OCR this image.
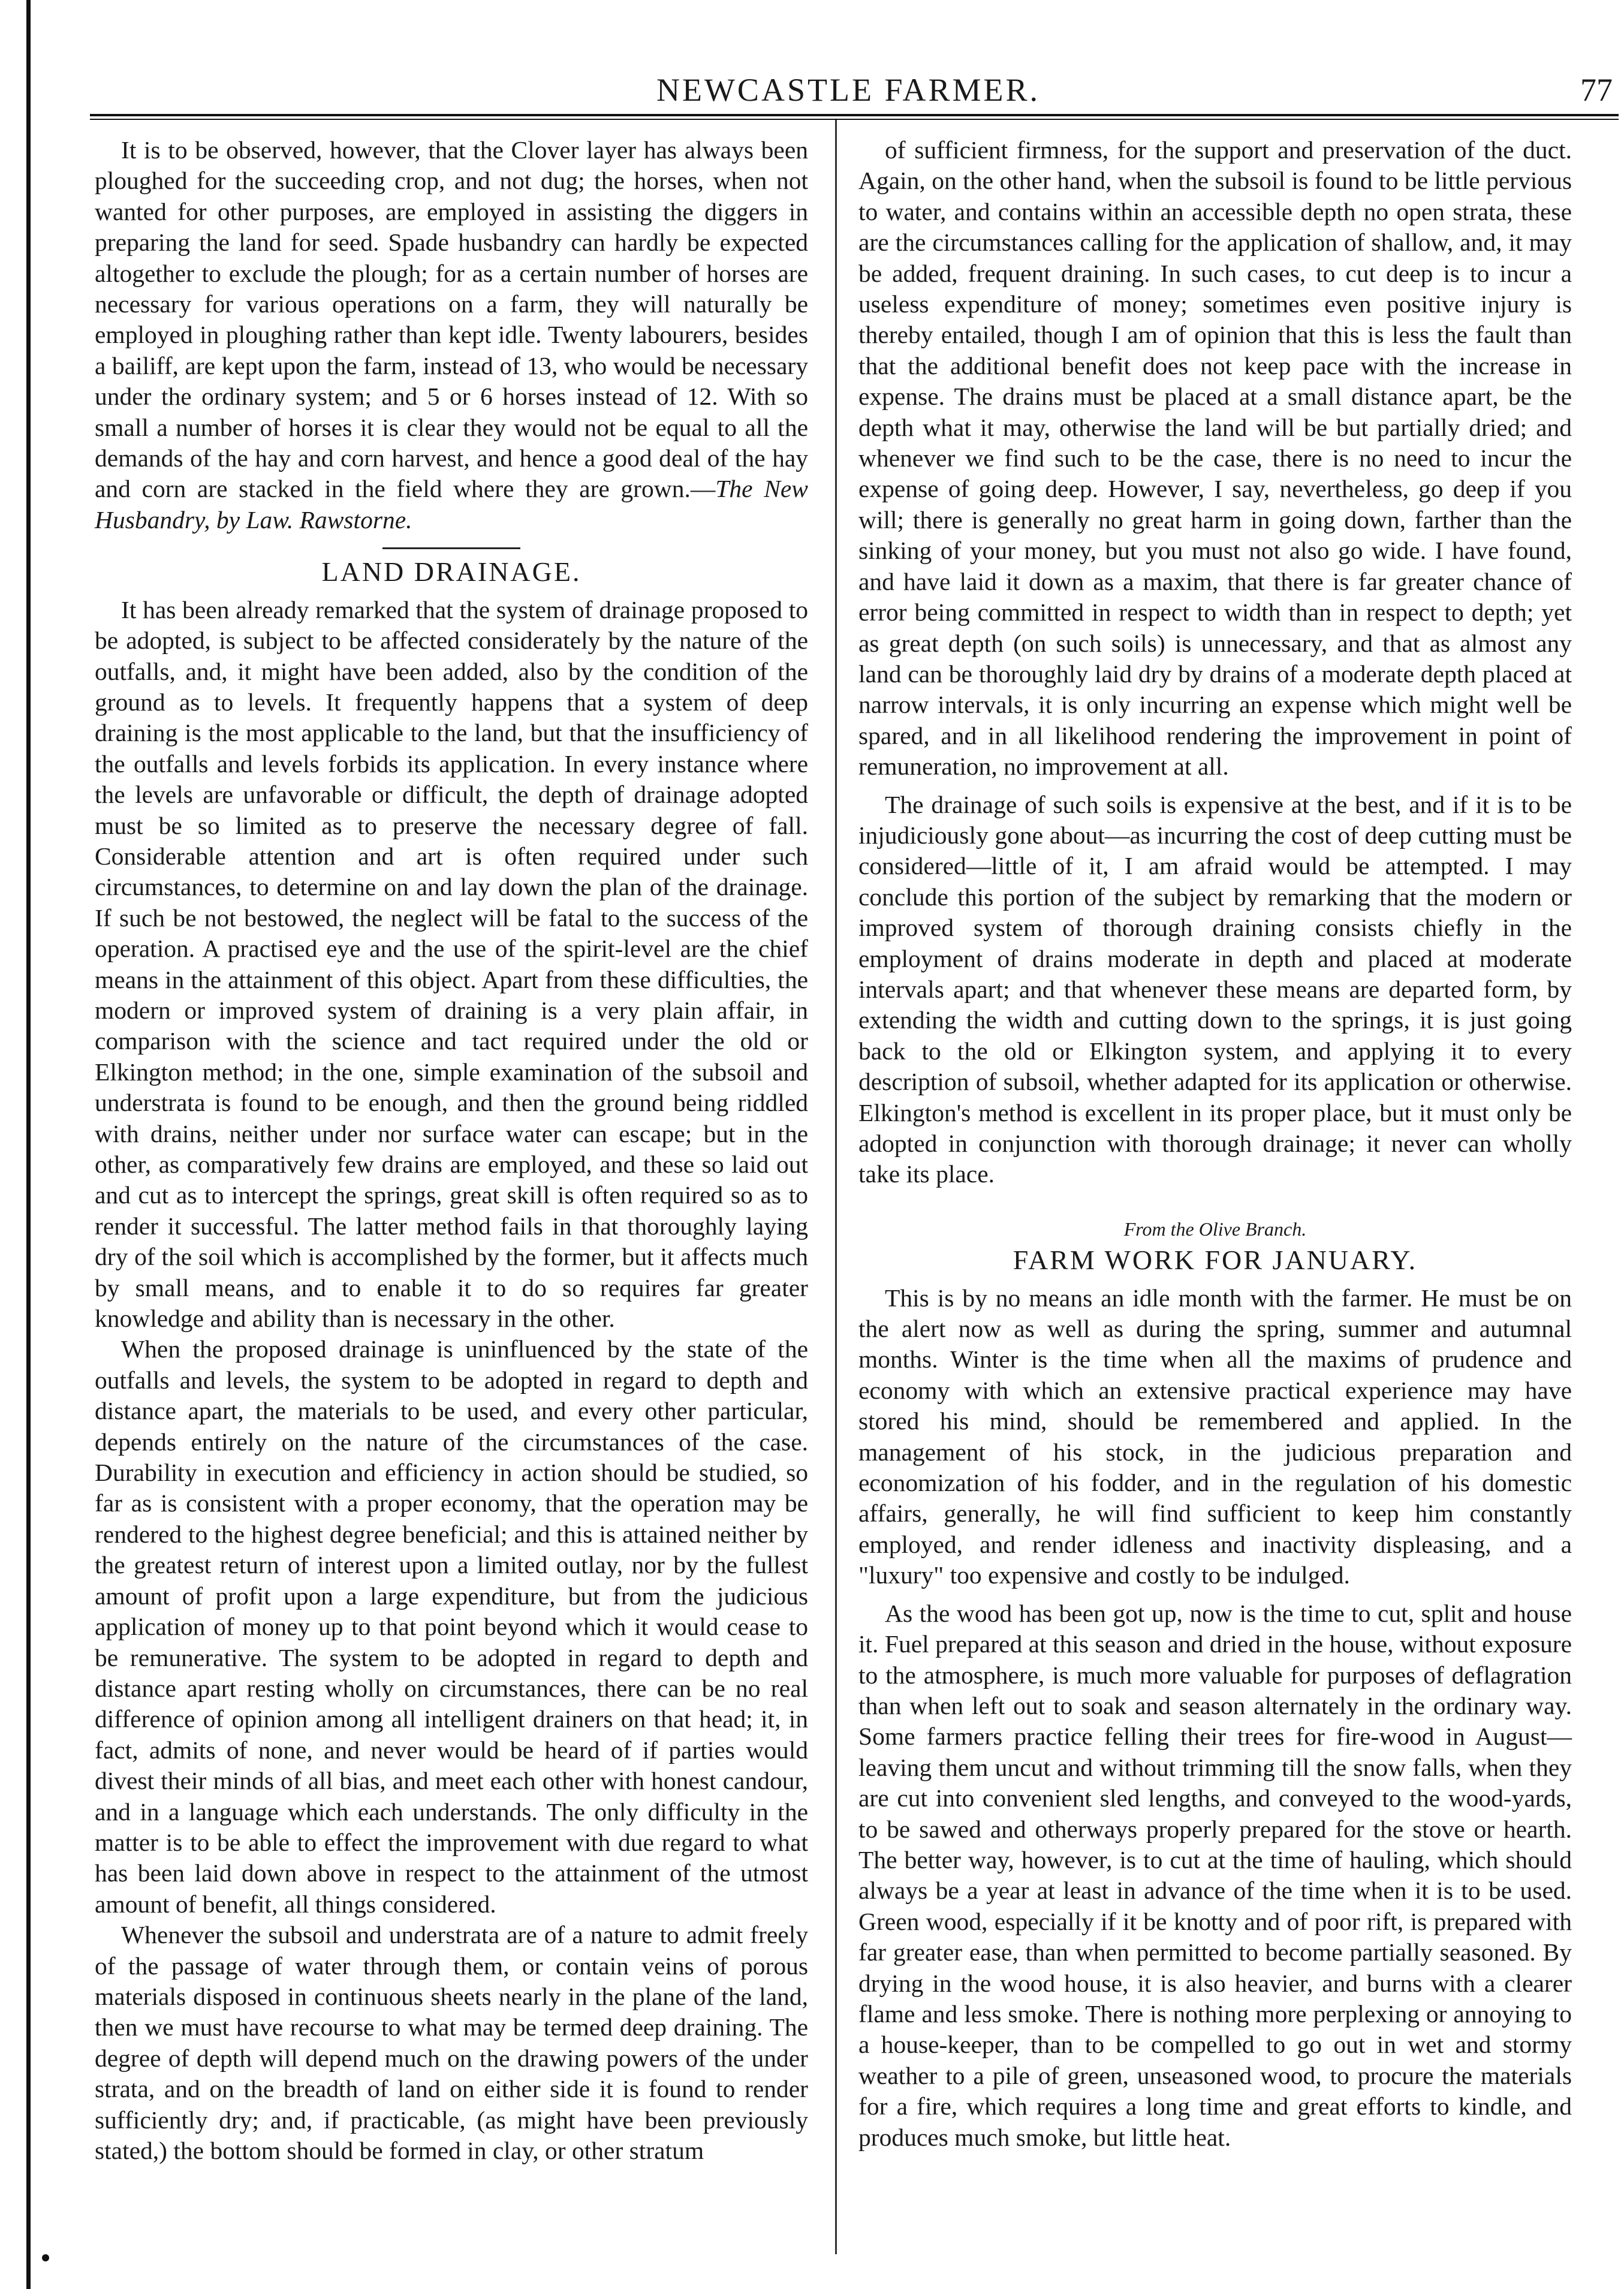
NEWCASTLE FARMER.	77

It is to be observed, however, that the Clover layer has always been ploughed for the succeeding crop, and not dug; the horses, when not wanted for other purposes, are employed in assisting the diggers in preparing the land for seed. Spade husbandry can hardly be expected altogether to exclude the plough; for as a certain number of horses are necessary for various operations on a farm, they will naturally be employed in ploughing rather than kept idle. Twenty labourers, besides a bailiff, are kept upon the farm, instead of 13, who would be necessary under the ordinary system; and 5 or 6 horses instead of 12. With so small a number of horses it is clear they would not be equal to all the demands of the hay and corn harvest, and hence a good deal of the hay and corn are stacked in the field where they are grown.—The New Husbandry, by Law. Rawstorne.

LAND DRAINAGE.

It has been already remarked that the system of drainage proposed to be adopted, is subject to be affected considerately by the nature of the outfalls, and, it might have been added, also by the condition of the ground as to levels. It frequently happens that a system of deep draining is the most applicable to the land, but that the insufficiency of the outfalls and levels forbids its application. In every instance where the levels are unfavorable or difficult, the depth of drainage adopted must be so limited as to preserve the necessary degree of fall. Considerable attention and art is often required under such circumstances, to determine on and lay down the plan of the drainage. If such be not bestowed, the neglect will be fatal to the success of the operation. A practised eye and the use of the spirit-level are the chief means in the attainment of this object. Apart from these difficulties, the modern or improved system of draining is a very plain affair, in comparison with the science and tact required under the old or Elkington method; in the one, simple examination of the subsoil and understrata is found to be enough, and then the ground being riddled with drains, neither under nor surface water can escape; but in the other, as comparatively few drains are employed, and these so laid out and cut as to intercept the springs, great skill is often required so as to render it successful. The latter method fails in that thoroughly laying dry of the soil which is accomplished by the former, but it affects much by small means, and to enable it to do so requires far greater knowledge and ability than is necessary in the other.

When the proposed drainage is uninfluenced by the state of the outfalls and levels, the system to be adopted in regard to depth and distance apart, the materials to be used, and every other particular, depends entirely on the nature of the circumstances of the case. Durability in execution and efficiency in action should be studied, so far as is consistent with a proper economy, that the operation may be rendered to the highest degree beneficial; and this is attained neither by the greatest return of interest upon a limited outlay, nor by the fullest amount of profit upon a large expenditure, but from the judicious application of money up to that point beyond which it would cease to be remunerative. The system to be adopted in regard to depth and distance apart resting wholly on circumstances, there can be no real difference of opinion among all intelligent drainers on that head; it, in fact, admits of none, and never would be heard of if parties would divest their minds of all bias, and meet each other with honest candour, and in a language which each understands. The only difficulty in the matter is to be able to effect the improvement with due regard to what has been laid down above in respect to the attainment of the utmost amount of benefit, all things considered.

Whenever the subsoil and understrata are of a nature to admit freely of the passage of water through them, or contain veins of porous materials disposed in continuous sheets nearly in the plane of the land, then we must have recourse to what may be termed deep draining. The degree of depth will depend much on the drawing powers of the under strata, and on the breadth of land on either side it is found to render sufficiently dry; and, if practicable, (as might have been previously stated,) the bottom should be formed in clay, or other stratum

of sufficient firmness, for the support and preservation of the duct. Again, on the other hand, when the subsoil is found to be little pervious to water, and contains within an accessible depth no open strata, these are the circumstances calling for the application of shallow, and, it may be added, frequent draining. In such cases, to cut deep is to incur a useless expenditure of money; sometimes even positive injury is thereby entailed, though I am of opinion that this is less the fault than that the additional benefit does not keep pace with the increase in expense. The drains must be placed at a small distance apart, be the depth what it may, otherwise the land will be but partially dried; and whenever we find such to be the case, there is no need to incur the expense of going deep. However, I say, nevertheless, go deep if you will; there is generally no great harm in going down, farther than the sinking of your money, but you must not also go wide. I have found, and have laid it down as a maxim, that there is far greater chance of error being committed in respect to width than in respect to depth; yet as great depth (on such soils) is unnecessary, and that as almost any land can be thoroughly laid dry by drains of a moderate depth placed at narrow intervals, it is only incurring an expense which might well be spared, and in all likelihood rendering the improvement in point of remuneration, no improvement at all.

The drainage of such soils is expensive at the best, and if it is to be injudiciously gone about—as incurring the cost of deep cutting must be considered—little of it, I am afraid would be attempted. I may conclude this portion of the subject by remarking that the modern or improved system of thorough draining consists chiefly in the employment of drains moderate in depth and placed at moderate intervals apart; and that whenever these means are departed form, by extending the width and cutting down to the springs, it is just going back to the old or Elkington system, and applying it to every description of subsoil, whether adapted for its application or otherwise. Elkington's method is excellent in its proper place, but it must only be adopted in conjunction with thorough drainage; it never can wholly take its place.

From the Olive Branch.

FARM WORK FOR JANUARY.

This is by no means an idle month with the farmer. He must be on the alert now as well as during the spring, summer and autumnal months. Winter is the time when all the maxims of prudence and economy with which an extensive practical experience may have stored his mind, should be remembered and applied. In the management of his stock, in the judicious preparation and economization of his fodder, and in the regulation of his domestic affairs, generally, he will find sufficient to keep him constantly employed, and render idleness and inactivity displeasing, and a "luxury" too expensive and costly to be indulged.

As the wood has been got up, now is the time to cut, split and house it. Fuel prepared at this season and dried in the house, without exposure to the atmosphere, is much more valuable for purposes of deflagration than when left out to soak and season alternately in the ordinary way. Some farmers practice felling their trees for fire-wood in August—leaving them uncut and without trimming till the snow falls, when they are cut into convenient sled lengths, and conveyed to the wood-yards, to be sawed and otherways properly prepared for the stove or hearth. The better way, however, is to cut at the time of hauling, which should always be a year at least in advance of the time when it is to be used. Green wood, especially if it be knotty and of poor rift, is prepared with far greater ease, than when permitted to become partially seasoned. By drying in the wood house, it is also heavier, and burns with a clearer flame and less smoke. There is nothing more perplexing or annoying to a house-keeper, than to be compelled to go out in wet and stormy weather to a pile of green, unseasoned wood, to procure the materials for a fire, which requires a long time and great efforts to kindle, and produces much smoke, but little heat.
